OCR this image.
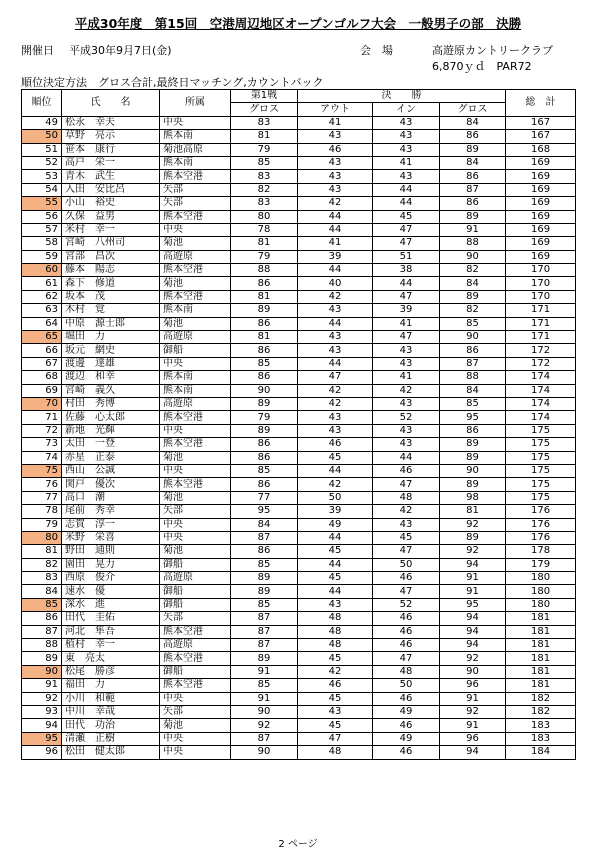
平成30年度　第15回　空港周辺地区オープンゴルフ大会　一般男子の部　決勝
開催日 平成30年9月7日(金)	会　場	高遊原カントリークラブ
6,870ｙｄ　PAR72
順位決定方法　グロス合計,最終日マッチング,カウントバック
順位	氏　　名	所属	第1戦	決　　勝			総　計
			グロス	アウト	イン	グロス	
49	松永　幸夫	中央	83	41	43	84	167
50	草野　亮示	熊本南	81	43	43	86	167
51	笹本　康行	菊池高原	79	46	43	89	168
52	高戸　栄一	熊本南	85	43	41	84	169
53	青木　武生	熊本空港	83	43	43	86	169
54	入田　安比呂	矢部	82	43	44	87	169
55	小山　裕史	矢部	83	42	44	86	169
56	久保　益男	熊本空港	80	44	45	89	169
57	米村　幸一	中央	78	44	47	91	169
58	宮崎　八州司	菊池	81	41	47	88	169
59	宮部　昌次	高遊原	79	39	51	90	169
60	藤本　陽志	熊本空港	88	44	38	82	170
61	森下　修道	菊池	86	40	44	84	170
62	坂本　茂	熊本空港	81	42	47	89	170
63	木村　覚	熊本南	89	43	39	82	171
64	中原　源士郎	菊池	86	44	41	85	171
65	堀田　力	高遊原	81	43	47	90	171
66	坂元　網史	御船	86	43	43	86	172
67	渡邊　達雄	中央	85	44	43	87	172
68	渡辺　和幸	熊本南	86	47	41	88	174
69	宮崎　義久	熊本南	90	42	42	84	174
70	村田　秀博	高遊原	89	42	43	85	174
71	佐藤　心太郎	熊本空港	79	43	52	95	174
72	新地　光輝	中央	89	43	43	86	175
73	太田　一登	熊本空港	86	46	43	89	175
74	赤星　正泰	菊池	86	45	44	89	175
75	西山　公誠	中央	85	44	46	90	175
76	関戸　優次	熊本空港	86	42	47	89	175
77	高口　潮	菊池	77	50	48	98	175
78	尾前　秀幸	矢部	95	39	42	81	176
79	志賀　淳一	中央	84	49	43	92	176
80	米野　栄喜	中央	87	44	45	89	176
81	野田　通則	菊池	86	45	47	92	178
82	園田　晃力	御船	85	44	50	94	179
83	西原　俊介	高遊原	89	45	46	91	180
84	速水　優	御船	89	44	47	91	180
85	深水　進	御船	85	43	52	95	180
86	田代　圭佑	矢部	87	48	46	94	181
87	河北　隼吾	熊本空港	87	48	46	94	181
88	植村　幸一	高遊原	87	48	46	94	181
89	東　亮太	熊本空港	89	45	47	92	181
90	松尾　勝彦	御船	91	42	48	90	181
91	福田　力	熊本空港	85	46	50	96	181
92	小川　和範	中央	91	45	46	91	182
93	中川　幸哉	矢部	90	43	49	92	182
94	田代　功治	菊池	92	45	46	91	183
95	清瀬　正樹	中央	87	47	49	96	183
96	松田　健太郎	中央	90	48	46	94	184
2 ページ
